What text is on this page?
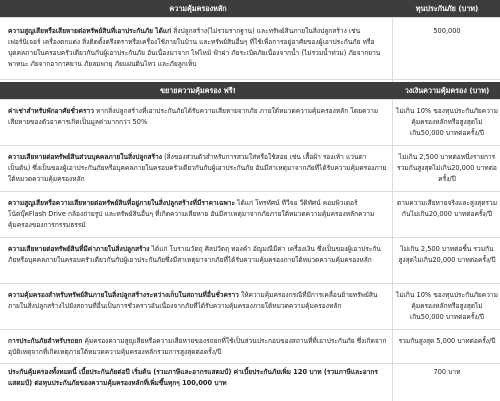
ความคุ้มครองหลัก	ทุนประกันภัย (บาท)
ความสูญเสียหรือเสียหายต่อทรัพย์สินที่เอาประกันภัย ได้แก่ สิ่งปลูกสร้าง(ไม่รวมรากฐาน) และทรัพย์สินภายในสิ่งปลูกสร้าง เช่นเฟอร์นิเจอร์ เครื่องตกแต่ง สิ่งติดตั้งตรึงตราหรือเครื่องใช้ภายในบ้าน และทรัพย์สินอื่นๆ ที่ใช้เพื่อการอยู่อาศัยของผู้เอาประกันภัย หรือบุคคลภายในครอบครัวเดียวกันกับผู้เอาประกันภัย อันเนื่องมาจาก ไฟไหม้ ฟ้าผ่า ภัยระเบิดภัยเนื่องจากน้ำ (ไม่รวมน้ำท่วม) ภัยจากยานพาหนะ ภัยจากอากาศยาน ภัยลมพายุ ภัยแผ่นดินไหว และภัยลูกเห็บ
500,000
ขยายความคุ้มครอง ฟรี!	วงเงินความคุ้มครอง (บาท)
ค่าเช่าสำหรับพักอาศัยชั่วคราว หากสิ่งปลูกสร้างที่เอาประกันภัยได้รับความเสียหายจากภัย ภายใต้หมวดความคุ้มครองหลัก โดยความเสียหายของตัวอาคารเกิดเป็นมูลค่ามากกว่า 50%
ไม่เกิน 10% ของทุนประกันภัยความคุ้มครองหลักหรือสูงสุดไม่เกิน50,000 บาทต่อครั้ง/ปี
ความเสียหายต่อทรัพย์สินส่วนบุคคลภายในสิ่งปลูกสร้าง (สิ่งของส่วนตัวสำหรับการสวมใส่หรือใช้สอย เช่น เสื้อผ้า รองเท้า แว่นตา เป็นต้น) ซึ่งเป็นของผู้เอาประกันภัยหรือบุคคลภายในครอบครัวเดียวกันกับผู้เอาประกันภัย อันมีสาเหตุมาจากภัยที่ได้รับความคุ้มครองภายใต้หมวดความคุ้มครองหลัก
ไม่เกิน 2,500 บาทต่อหนึ่งรายการ รวมกันสูงสุดไม่เกิน20,000 บาทต่อครั้ง/ปี
ความสูญเสียหรือความเสียหายต่อทรัพย์สินที่อยู่ภายในสิ่งปลูกสร้างที่มีราคาเฉพาะ ได้แก่ โทรทัศน์ ทีวีจอ วีดิทัศน์ คอมพิวเตอร์ โน้ตบุ๊คFlash Drive กล้องถ่ายรูป และทรัพย์สินอื่นๆ ที่เกิดความเสียหาย อันมีสาเหตุมาจากภัยภายใต้หมวดความคุ้มครองหลักความคุ้มครองของการกรรมธรรม์
ตามความเสียหายจริงและสูงสุดรวมกันไม่เกิน20,000 บาทต่อครั้ง/ปี
ความเสียหายต่อทรัพย์สินที่มีค่าภายในสิ่งปลูกสร้าง ได้แก่ โบราณวัตถุ ศิลปวัตถุ ทองคำ อัญมณีมีค่า เครื่องเงิน ซึ่งเป็นของผู้เอาประกันภัยหรือบุคคลภายในครอบครัวเดียวกันกับผู้เอาประกันภัยซึ่งมีสาเหตุมาจากภัยที่ได้รับความคุ้มครองภายใต้หมวดความคุ้มครองหลัก
ไม่เกิน 2,500 บาทต่อชิ้น รวมกันสูงสุดไม่เกิน20,000 บาทต่อครั้ง/ปี
ความคุ้มครองสำหรับทรัพย์สินภายในสิ่งปลูกสร้างระหว่างเก็บในสถานที่อื่นชั่วคราว ให้ความคุ้มครองกรณีที่มีการเคลื่อนย้ายทรัพย์สินภายในสิ่งปลูกสร้างไปยังสถานที่อื่นเป็นการชั่วคราวอันเนื่องจากภัยที่ได้รับความคุ้มครองภายใต้หมวดความคุ้มครองหลัก
ไม่เกิน 10% ของทุนประกันภัยความคุ้มครองหลักหรือสูงสุดไม่เกิน50,000 บาทต่อครั้ง/ปี
การประกันภัยสำหรับรถยก คุ้มครองความสูญเสียหรือความเสียหายของรถยกที่ใช้เป็นส่วนประกอบของสถานที่ที่เอาประกันภัย ซึ่งเกิดจากอุบัติเหตุจากที่เกิดเหตุภายใต้หมวดความคุ้มครองหลักรวมการสูงสุดต่อครั้ง/ปี
รวมกันสูงสุด 5,000 บาทต่อครั้ง/ปี
ประกันคุ้มครองทั้งหมดนี้ เบี้ยประกันภัยต่อปี เริ่มต้น (รวมภาษีและอากรแสตมป์) ค่าเบี้ยประกันภัยเพิ่ม 120 บาท (รวมภาษีและอากรแสตมป์) ต่อทุนประกันภัยของความคุ้มครองหลักที่เพิ่มขึ้นทุกๆ 100,000 บาท
700 บาท
